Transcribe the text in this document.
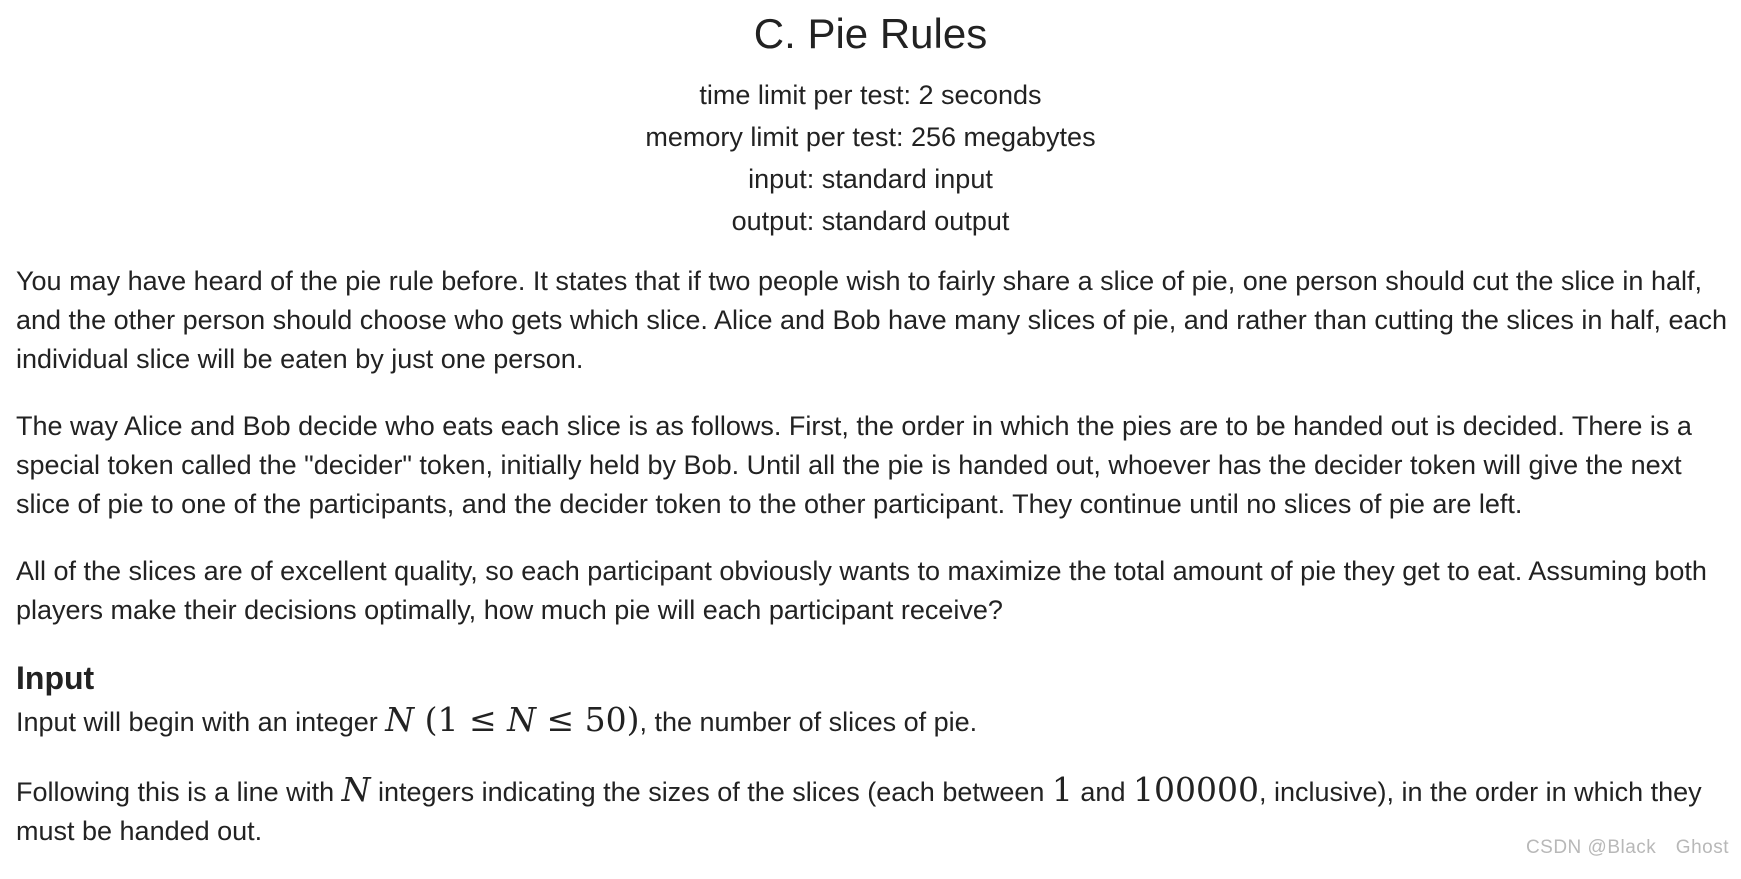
C. Pie Rules

time limit per test: 2 seconds

memory limit per test: 256 megabytes

input: standard input

output: standard output

You may have heard of the pie rule before. It states that if two people wish to fairly share a slice of pie, one person should cut the slice in half, and the other person should choose who gets which slice. Alice and Bob have many slices of pie, and rather than cutting the slices in half, each individual slice will be eaten by just one person.

The way Alice and Bob decide who eats each slice is as follows. First, the order in which the pies are to be handed out is decided. There is a special token called the "decider" token, initially held by Bob. Until all the pie is handed out, whoever has the decider token will give the next slice of pie to one of the participants, and the decider token to the other participant. They continue until no slices of pie are left.

All of the slices are of excellent quality, so each participant obviously wants to maximize the total amount of pie they get to eat. Assuming both players make their decisions optimally, how much pie will each participant receive?

Input

Input will begin with an integer N (1 ≤ N ≤ 50), the number of slices of pie.

Following this is a line with N integers indicating the sizes of the slices (each between 1 and 100000, inclusive), in the order in which they must be handed out.

CSDN @Black　Ghost
